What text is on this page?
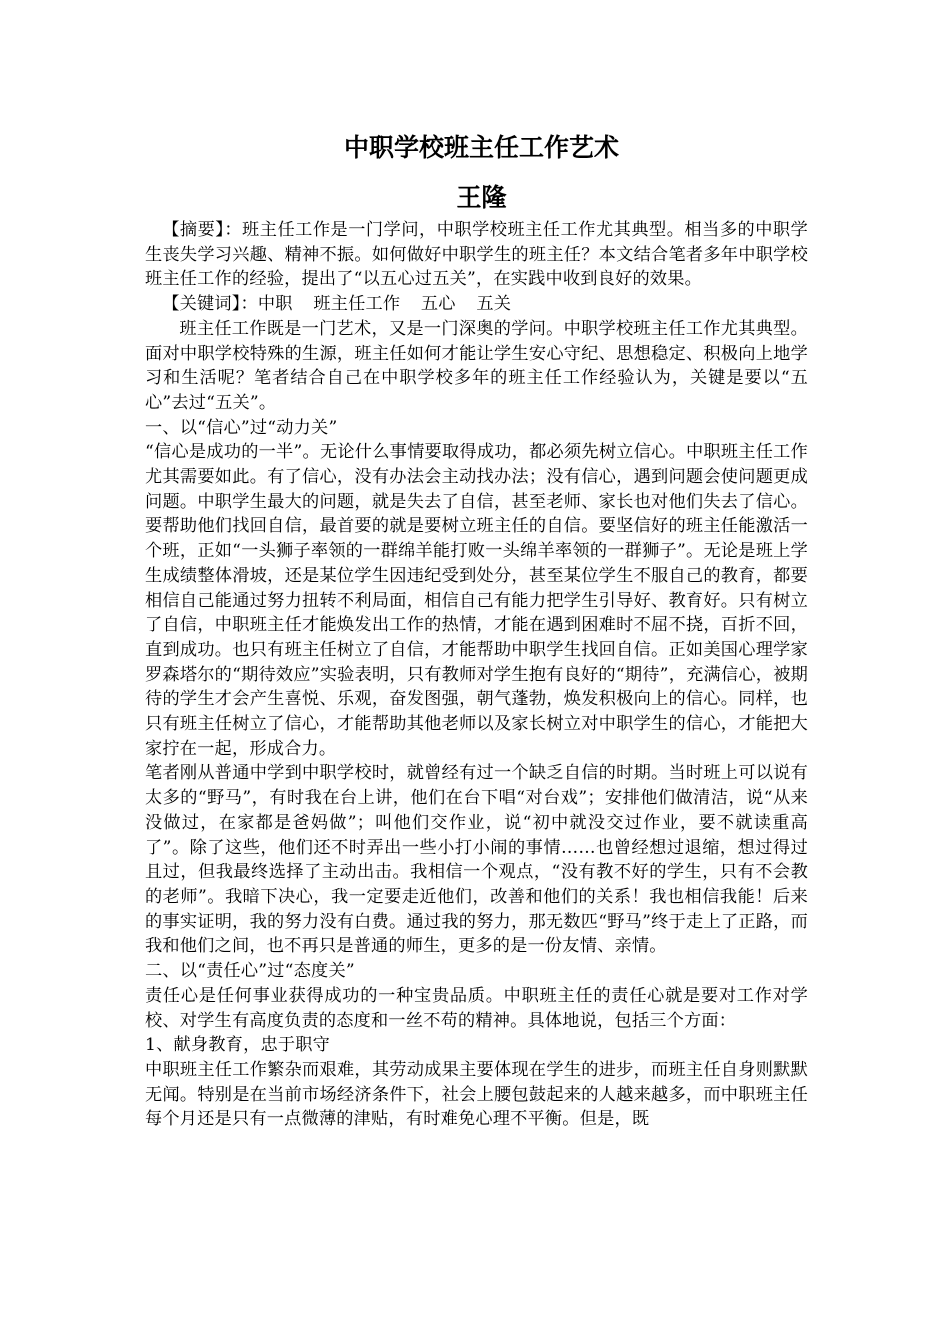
中职学校班主任工作艺术
王隆

【摘要】：班主任工作是一门学问，中职学校班主任工作尤其典型。相当多的中职学生丧失学习兴趣、精神不振。如何做好中职学生的班主任？本文结合笔者多年中职学校班主任工作的经验，提出了“以五心过五关”，在实践中收到良好的效果。

【关键词】：中职 班主任工作 五心 五关

班主任工作既是一门艺术，又是一门深奥的学问。中职学校班主任工作尤其典型。面对中职学校特殊的生源，班主任如何才能让学生安心守纪、思想稳定、积极向上地学习和生活呢？笔者结合自己在中职学校多年的班主任工作经验认为，关键是要以“五心”去过“五关”。

一、以“信心”过“动力关”

“信心是成功的一半”。无论什么事情要取得成功，都必须先树立信心。中职班主任工作尤其需要如此。有了信心，没有办法会主动找办法；没有信心，遇到问题会使问题更成问题。中职学生最大的问题，就是失去了自信，甚至老师、家长也对他们失去了信心。要帮助他们找回自信，最首要的就是要树立班主任的自信。要坚信好的班主任能激活一个班，正如“一头狮子率领的一群绵羊能打败一头绵羊率领的一群狮子”。无论是班上学生成绩整体滑坡，还是某位学生因违纪受到处分，甚至某位学生不服自己的教育，都要相信自己能通过努力扭转不利局面，相信自己有能力把学生引导好、教育好。只有树立了自信，中职班主任才能焕发出工作的热情，才能在遇到困难时不屈不挠，百折不回，直到成功。也只有班主任树立了自信，才能帮助中职学生找回自信。正如美国心理学家罗森塔尔的“期待效应”实验表明，只有教师对学生抱有良好的“期待”，充满信心，被期待的学生才会产生喜悦、乐观，奋发图强，朝气蓬勃，焕发积极向上的信心。同样，也只有班主任树立了信心，才能帮助其他老师以及家长树立对中职学生的信心，才能把大家拧在一起，形成合力。

笔者刚从普通中学到中职学校时，就曾经有过一个缺乏自信的时期。当时班上可以说有太多的“野马”，有时我在台上讲，他们在台下唱“对台戏”；安排他们做清洁，说“从来没做过，在家都是爸妈做”；叫他们交作业，说“初中就没交过作业，要不就读重高了”。除了这些，他们还不时弄出一些小打小闹的事情……也曾经想过退缩，想过得过且过，但我最终选择了主动出击。我相信一个观点，“没有教不好的学生，只有不会教的老师”。我暗下决心，我一定要走近他们，改善和他们的关系！我也相信我能！后来的事实证明，我的努力没有白费。通过我的努力，那无数匹“野马”终于走上了正路，而我和他们之间，也不再只是普通的师生，更多的是一份友情、亲情。

二、以“责任心”过“态度关”

责任心是任何事业获得成功的一种宝贵品质。中职班主任的责任心就是要对工作对学校、对学生有高度负责的态度和一丝不苟的精神。具体地说，包括三个方面：

1、献身教育，忠于职守

中职班主任工作繁杂而艰难，其劳动成果主要体现在学生的进步，而班主任自身则默默无闻。特别是在当前市场经济条件下，社会上腰包鼓起来的人越来越多，而中职班主任每个月还是只有一点微薄的津贴，有时难免心理不平衡。但是，既
